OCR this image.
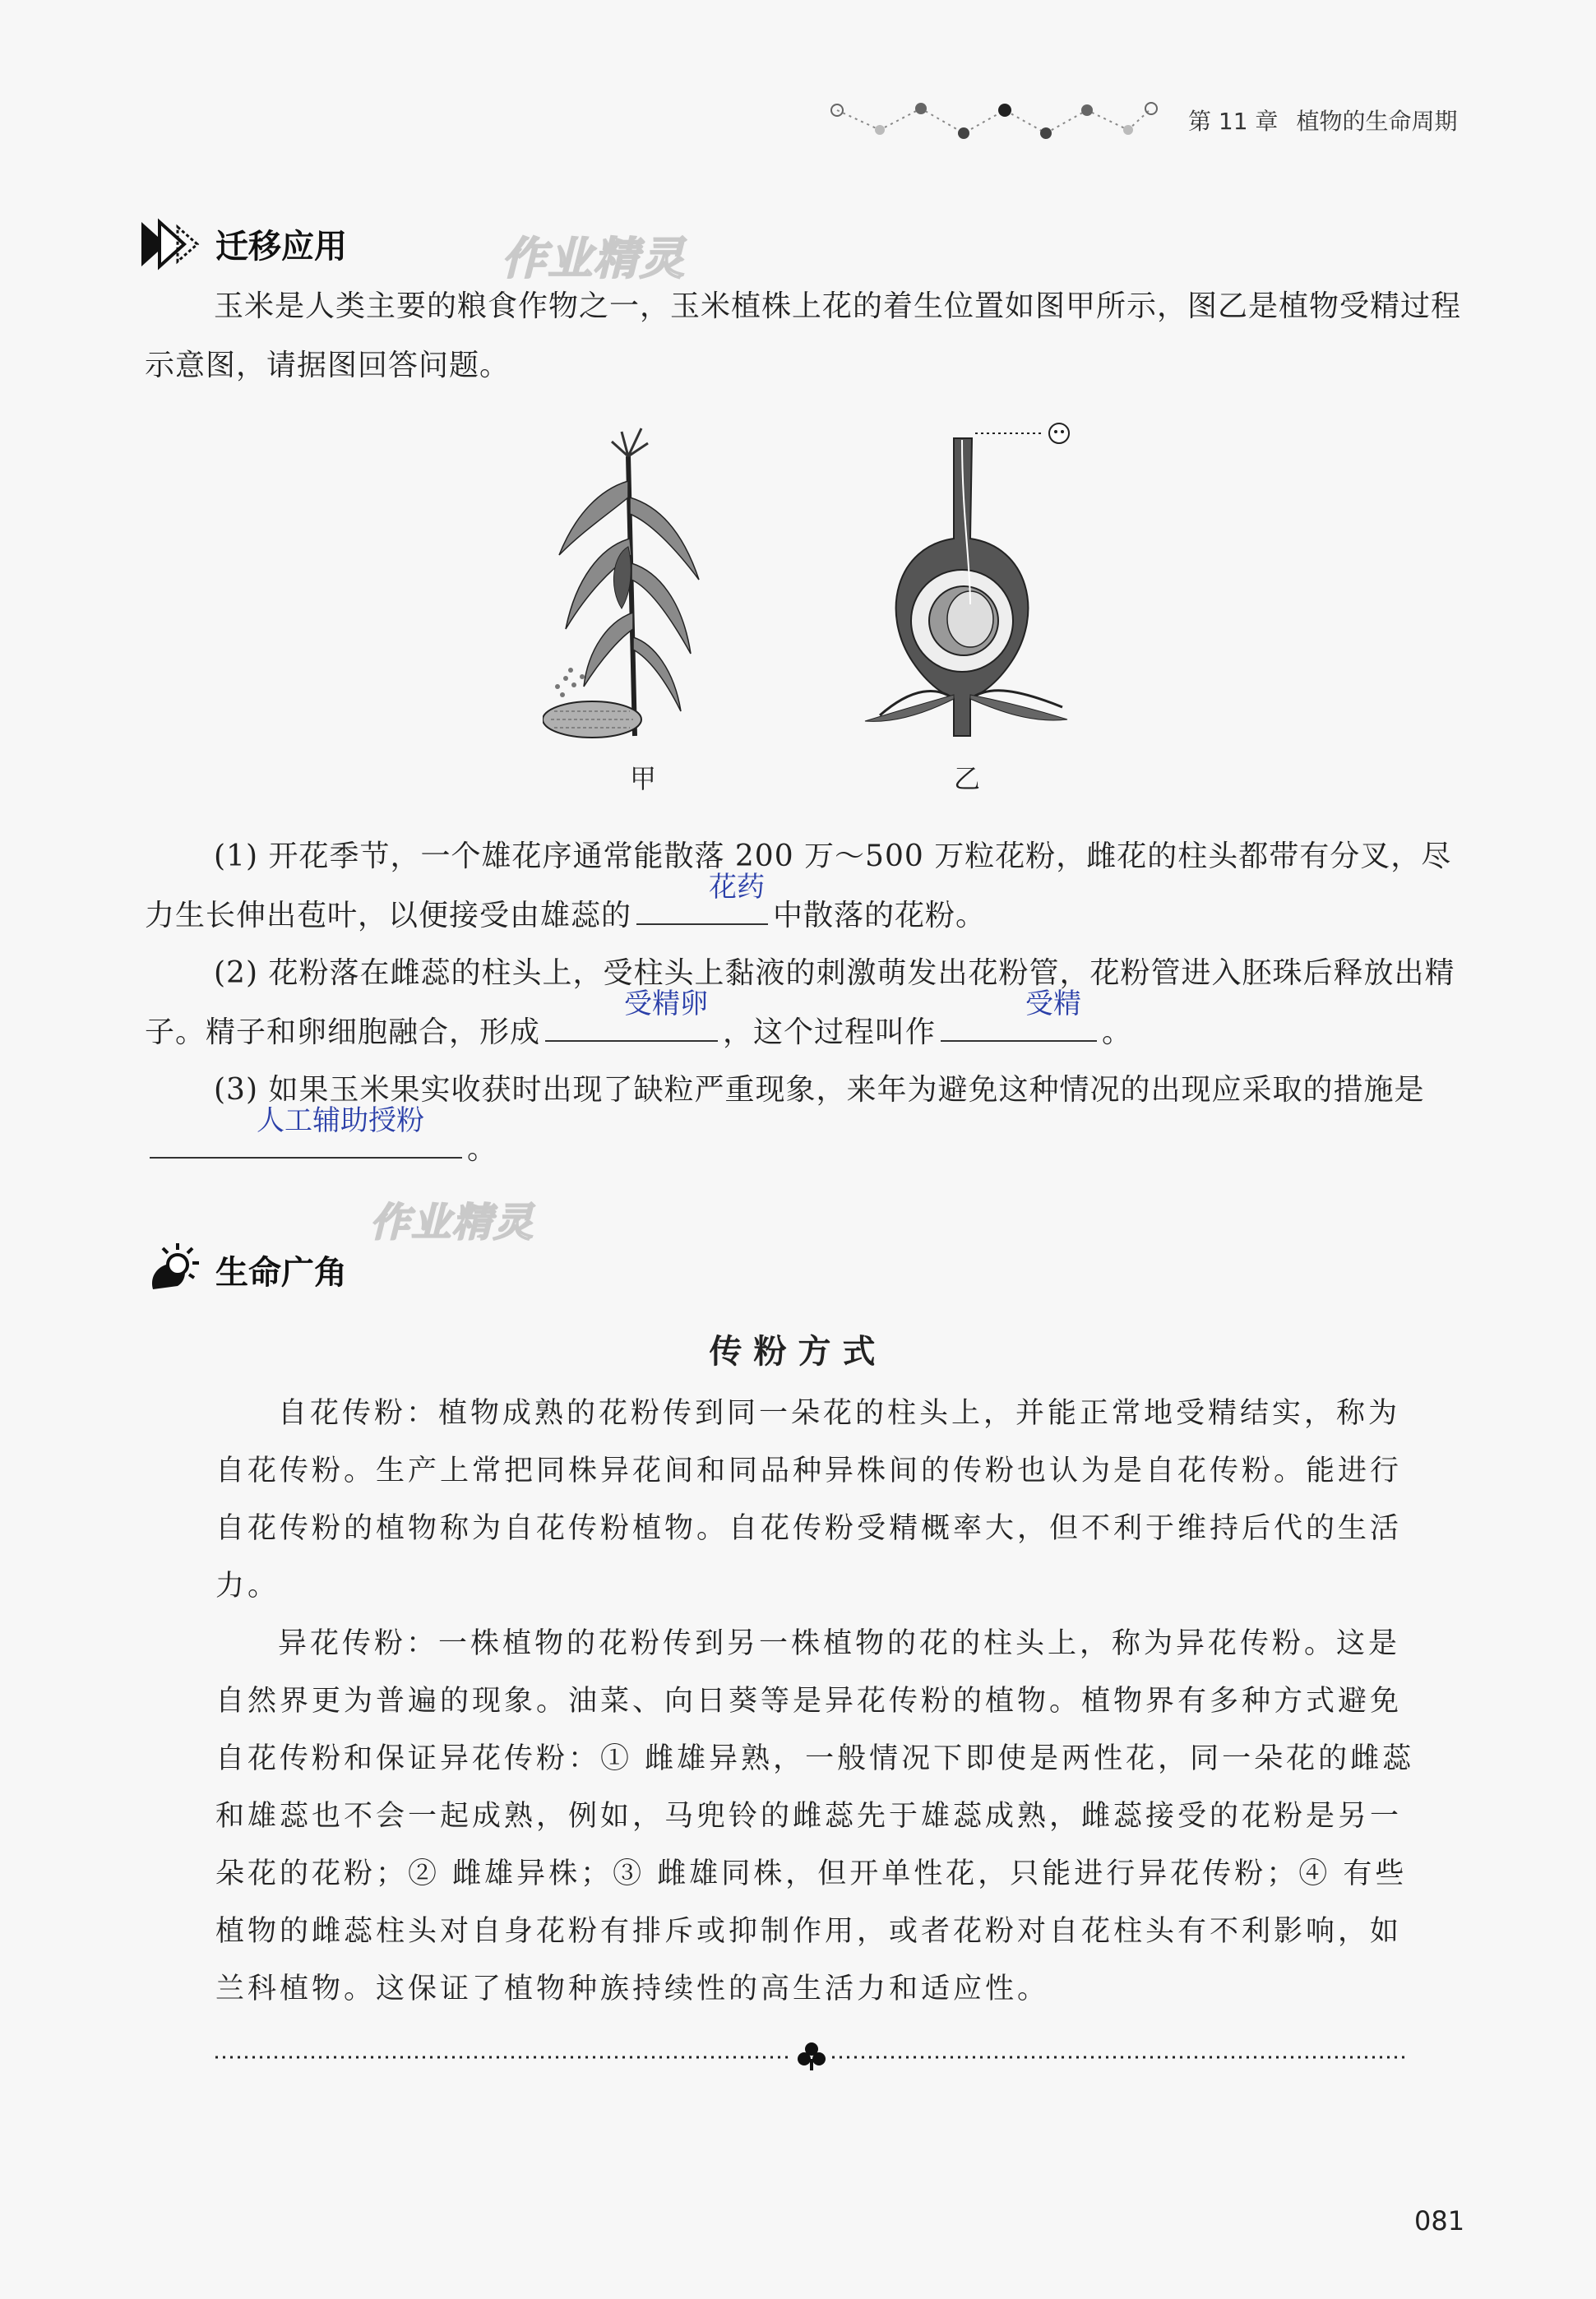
第 11 章 植物的生命周期
迁移应用	作业精灵
玉米是人类主要的粮食作物之一，玉米植株上花的着生位置如图甲所示，图乙是植物受精过程示意图，请据图回答问题。
甲	乙
(1) 开花季节，一个雄花序通常能散落 200 万～500 万粒花粉，雌花的柱头都带有分叉，尽力生长伸出苞叶，以便接受由雄蕊的
花药
中散落的花粉。
(2) 花粉落在雌蕊的柱头上，受柱头上黏液的刺激萌发出花粉管，花粉管进入胚珠后释放出精子。精子和卵细胞融合，形成
受精卵
，这个过程叫作
受精
。
(3) 如果玉米果实收获时出现了缺粒严重现象，来年为避免这种情况的出现应采取的措施是
人工辅助授粉
。
作业精灵
生命广角
传粉方式
自花传粉：植物成熟的花粉传到同一朵花的柱头上，并能正常地受精结实，称为自花传粉。生产上常把同株异花间和同品种异株间的传粉也认为是自花传粉。能进行自花传粉的植物称为自花传粉植物。自花传粉受精概率大，但不利于维持后代的生活力。
异花传粉：一株植物的花粉传到另一株植物的花的柱头上，称为异花传粉。这是自然界更为普遍的现象。油菜、向日葵等是异花传粉的植物。植物界有多种方式避免自花传粉和保证异花传粉：① 雌雄异熟，一般情况下即使是两性花，同一朵花的雌蕊和雄蕊也不会一起成熟，例如，马兜铃的雌蕊先于雄蕊成熟，雌蕊接受的花粉是另一朵花的花粉；② 雌雄异株；③ 雌雄同株，但开单性花，只能进行异花传粉；④ 有些植物的雌蕊柱头对自身花粉有排斥或抑制作用，或者花粉对自花柱头有不利影响，如兰科植物。这保证了植物种族持续性的高生活力和适应性。
081
